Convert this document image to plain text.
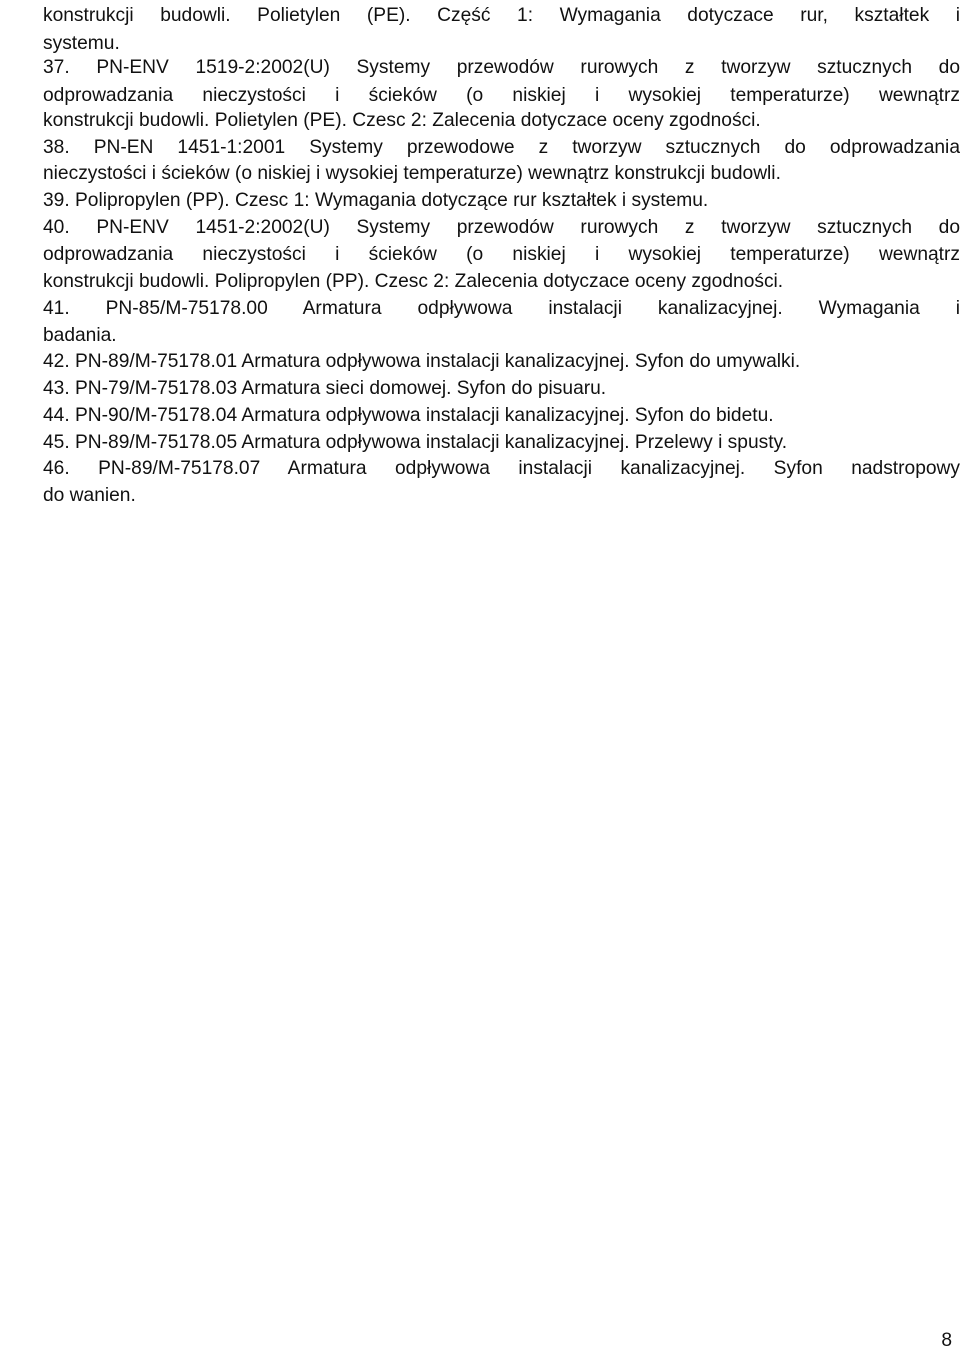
konstrukcji budowli. Polietylen (PE). Część 1: Wymagania dotyczace rur, kształtek i
systemu.
37. PN-ENV 1519-2:2002(U) Systemy przewodów rurowych z tworzyw sztucznych do
odprowadzania nieczystości i ścieków (o niskiej i wysokiej temperaturze) wewnątrz
konstrukcji budowli. Polietylen (PE). Czesc 2: Zalecenia dotyczace oceny zgodności.
38. PN-EN 1451-1:2001 Systemy przewodowe z tworzyw sztucznych do odprowadzania
nieczystości i ścieków (o niskiej i wysokiej temperaturze) wewnątrz konstrukcji budowli.
39. Polipropylen (PP). Czesc 1: Wymagania dotyczące rur kształtek i systemu.
40. PN-ENV 1451-2:2002(U) Systemy przewodów rurowych z tworzyw sztucznych do
odprowadzania nieczystości i ścieków (o niskiej i wysokiej temperaturze) wewnątrz
konstrukcji budowli. Polipropylen (PP). Czesc 2: Zalecenia dotyczace oceny zgodności.
41. PN-85/M-75178.00 Armatura odpływowa instalacji kanalizacyjnej. Wymagania i
badania.
42. PN-89/M-75178.01 Armatura odpływowa instalacji kanalizacyjnej. Syfon do umywalki.
43. PN-79/M-75178.03 Armatura sieci domowej. Syfon do pisuaru.
44. PN-90/M-75178.04 Armatura odpływowa instalacji kanalizacyjnej. Syfon do bidetu.
45. PN-89/M-75178.05 Armatura odpływowa instalacji kanalizacyjnej. Przelewy i spusty.
46. PN-89/M-75178.07 Armatura odpływowa instalacji kanalizacyjnej. Syfon nadstropowy
do wanien.
8
